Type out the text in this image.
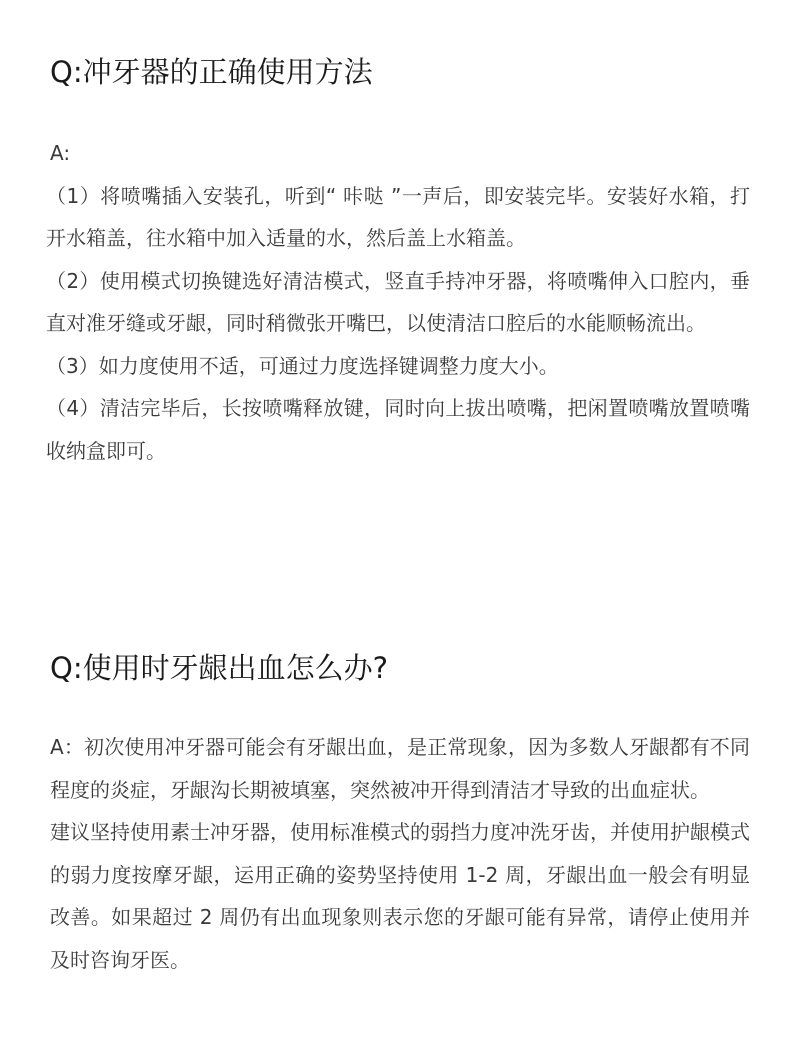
Q:冲牙器的正确使用方法

A:

（1）将喷嘴插入安装孔，听到“ 咔哒 ”一声后，即安装完毕。安装好水箱，打开水箱盖，往水箱中加入适量的水，然后盖上水箱盖。

（2）使用模式切换键选好清洁模式，竖直手持冲牙器，将喷嘴伸入口腔内，垂直对准牙缝或牙龈，同时稍微张开嘴巴，以使清洁口腔后的水能顺畅流出。

（3）如力度使用不适，可通过力度选择键调整力度大小。

（4）清洁完毕后，长按喷嘴释放键，同时向上拔出喷嘴，把闲置喷嘴放置喷嘴收纳盒即可。

Q:使用时牙龈出血怎么办?

A：初次使用冲牙器可能会有牙龈出血，是正常现象，因为多数人牙龈都有不同程度的炎症，牙龈沟长期被填塞，突然被冲开得到清洁才导致的出血症状。

建议坚持使用素士冲牙器，使用标准模式的弱挡力度冲洗牙齿，并使用护龈模式的弱力度按摩牙龈，运用正确的姿势坚持使用 1-2 周，牙龈出血一般会有明显改善。如果超过 2 周仍有出血现象则表示您的牙龈可能有异常，请停止使用并及时咨询牙医。
